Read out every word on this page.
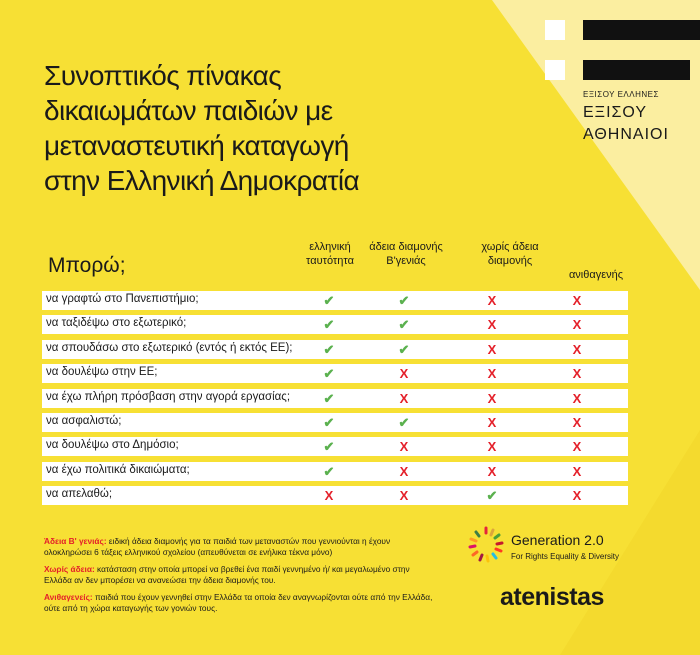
Συνοπτικός πίνακας
δικαιωμάτων παιδιών με
μεταναστευτική καταγωγή
στην Ελληνική Δημοκρατία
ΕΞΙΣΟΥ ΕΛΛΗΝΕΣ
ΕΞΙΣΟΥ
ΑΘΗΝΑΙΟΙ
Μπορώ;
ελληνική
ταυτότητα
άδεια διαμονής
Β'γενιάς
χωρίς άδεια
διαμονής
ανιθαγενής
να γραφτώ στο Πανεπιστήμιο;	✔	✔	X	X
να ταξιδέψω στο εξωτερικό;	✔	✔	X	X
να σπουδάσω στο εξωτερικό (εντός ή εκτός ΕΕ);	✔	✔	X	X
να δουλέψω στην ΕΕ;	✔	X	X	X
να έχω πλήρη πρόσβαση στην αγορά εργασίας;	✔	X	X	X
να ασφαλιστώ;	✔	✔	X	X
να δουλέψω στο Δημόσιο;	✔	X	X	X
να έχω πολιτικά δικαιώματα;	✔	X	X	X
να απελαθώ;	X	X	✔	X

Άδεια Β' γενιάς: ειδική άδεια διαμονής για τα παιδιά των μεταναστών που γεννιούνται η έχουν ολοκληρώσει 6 τάξεις ελληνικού σχολείου (απευθύνεται σε ενήλικα τέκνα μόνο)

Χωρίς άδεια: κατάσταση στην οποία μπορεί να βρεθεί ένα παιδί γεννημένο ή/ και μεγαλωμένο στην Ελλάδα αν δεν μπορέσει να ανανεώσει την άδεια διαμονής του.

Ανιθαγενείς: παιδιά που έχουν γεννηθεί στην Ελλάδα τα οποία δεν αναγνωρίζονται ούτε από την Ελλάδα, ούτε από τη χώρα καταγωγής των γονιών τους.

Generation 2.0
For Rights Equality & Diversity
atenistas
